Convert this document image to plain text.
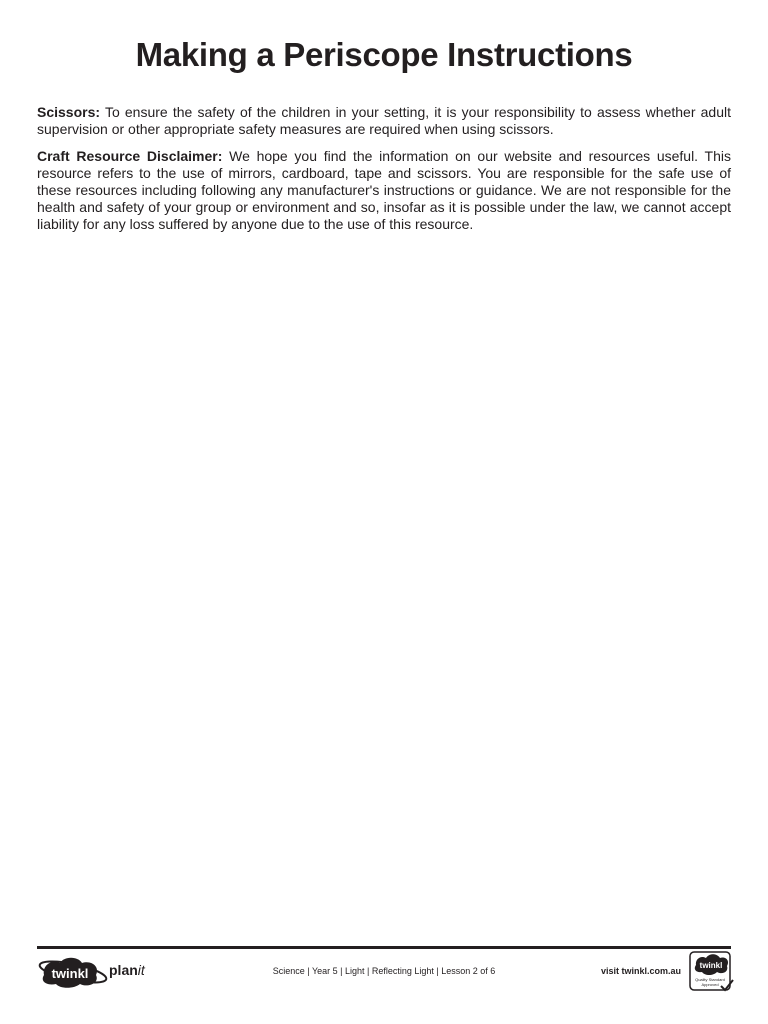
Making a Periscope Instructions

Scissors: To ensure the safety of the children in your setting, it is your responsibility to assess whether adult supervision or other appropriate safety measures are required when using scissors.

Craft Resource Disclaimer: We hope you find the information on our website and resources useful. This resource refers to the use of mirrors, cardboard, tape and scissors. You are responsible for the safe use of these resources including following any manufacturer's instructions or guidance. We are not responsible for the health and safety of your group or environment and so, insofar as it is possible under the law, we cannot accept liability for any loss suffered by anyone due to the use of this resource.

twinkl planit	Science | Year 5 | Light | Reflecting Light | Lesson 2 of 6	visit twinkl.com.au
twinkl
Quality Standard
Approved
